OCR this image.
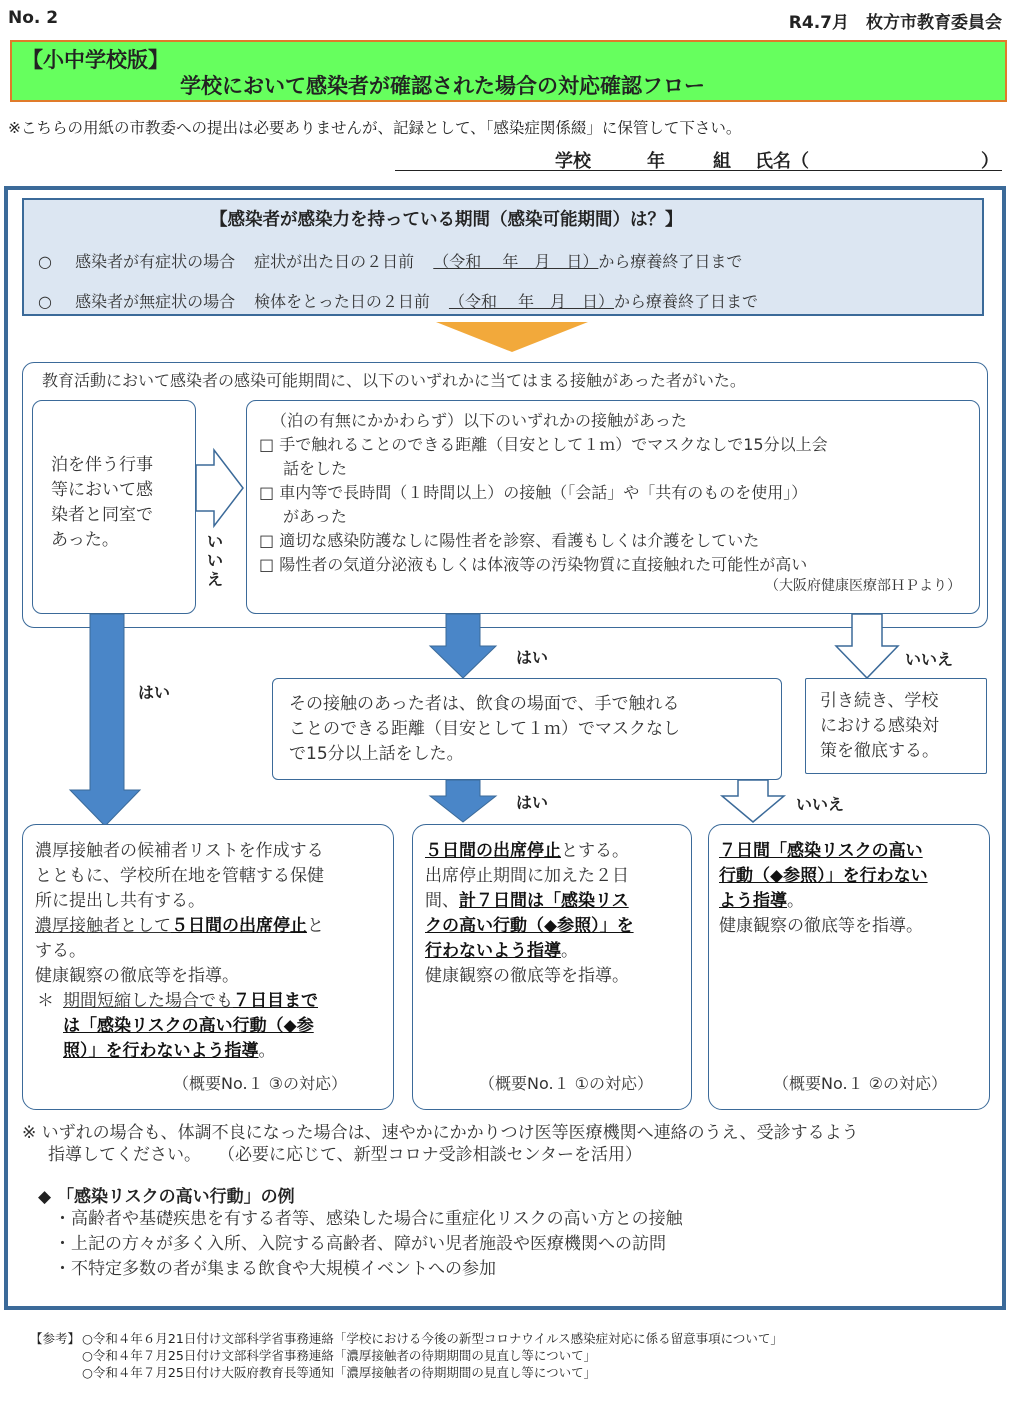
No. 2	R4.7月　枚方市教育委員会
【小中学校版】
学校において感染者が確認された場合の対応確認フロー
※こちらの用紙の市教委への提出は必要ありませんが、記録として、「感染症関係綴」に保管して下さい。
学校	年	組 氏名（	）
【感染者が感染力を持っている期間（感染可能期間）は？】
○ 感染者が有症状の場合 症状が出た日の２日前 （令和　 年　月　日）から療養終了日まで
○ 感染者が無症状の場合 検体をとった日の２日前 （令和　 年　月　日）から療養終了日まで
教育活動において感染者の感染可能期間に、以下のいずれかに当てはまる接触があった者がいた。
泊を伴う行事
等において感
染者と同室で
あった。	い
い
え
（泊の有無にかかわらず）以下のいずれかの接触があった
□ 手で触れることのできる距離（目安として１ｍ）でマスクなしで15分以上会
話をした
□ 車内等で長時間（１時間以上）の接触（「会話」や「共有のものを使用」）
があった
□ 適切な感染防護なしに陽性者を診察、看護もしくは介護をしていた
□ 陽性者の気道分泌液もしくは体液等の汚染物質に直接触れた可能性が高い
（大阪府健康医療部ＨＰより）
はい
はい	いいえ
はい	いいえ
その接触のあった者は、飲食の場面で、手で触れる
ことのできる距離（目安として１ｍ）でマスクなし
で15分以上話をした。
引き続き、学校
における感染対
策を徹底する。
濃厚接触者の候補者リストを作成する
とともに、学校所在地を管轄する保健
所に提出し共有する。
濃厚接触者として５日間の出席停止と
する。
健康観察の徹底等を指導。
＊ 期間短縮した場合でも７日目まで
は「感染リスクの高い行動（◆参
照）」を行わないよう指導。
（概要No.１ ③の対応）
５日間の出席停止とする。
出席停止期間に加えた２日
間、計７日間は「感染リス
クの高い行動（◆参照）」を
行わないよう指導。
健康観察の徹底等を指導。
（概要No.１ ①の対応）
７日間「感染リスクの高い
行動（◆参照）」を行わない
よう指導。
健康観察の徹底等を指導。
（概要No.１ ②の対応）
※ いずれの場合も、体調不良になった場合は、速やかにかかりつけ医等医療機関へ連絡のうえ、受診するよう
指導してください。　　（必要に応じて、新型コロナ受診相談センターを活用）
◆ 「感染リスクの高い行動」の例
・高齢者や基礎疾患を有する者等、感染した場合に重症化リスクの高い方との接触
・上記の方々が多く入所、入院する高齢者、障がい児者施設や医療機関への訪問
・不特定多数の者が集まる飲食や大規模イベントへの参加
【参考】 ○令和４年６月21日付け文部科学省事務連絡「学校における今後の新型コロナウイルス感染症対応に係る留意事項について」
○令和４年７月25日付け文部科学省事務連絡「濃厚接触者の待期期間の見直し等について」
○令和４年７月25日付け大阪府教育長等通知「濃厚接触者の待期期間の見直し等について」
